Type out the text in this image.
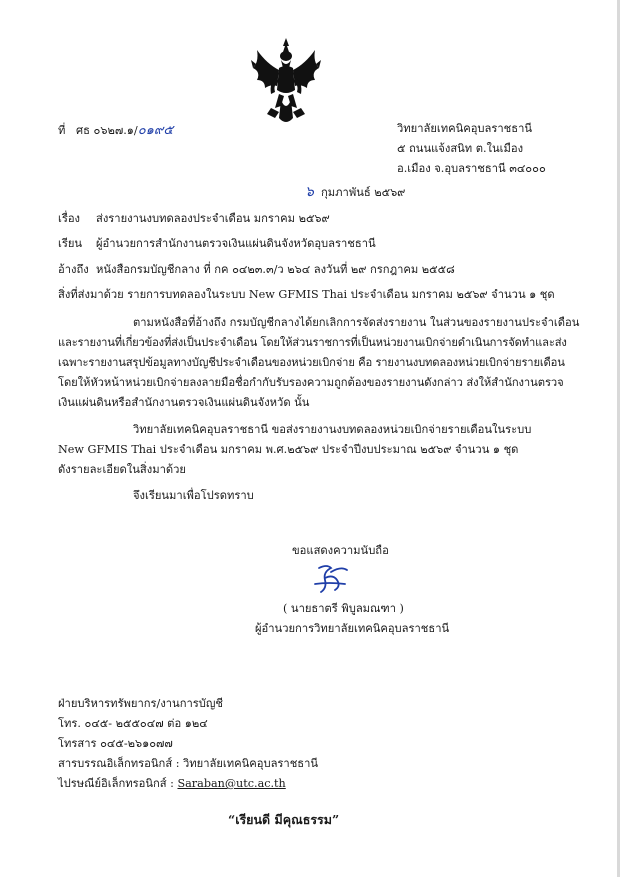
ที่ ศธ ๐๖๒๗.๑/๐๑๙๕	วิทยาลัยเทคนิคอุบลราชธานี
๕ ถนนแจ้งสนิท ต.ในเมือง
อ.เมือง จ.อุบลราชธานี ๓๔๐๐๐
๖ กุมภาพันธ์ ๒๕๖๙
เรื่อง ส่งรายงานงบทดลองประจำเดือน มกราคม ๒๕๖๙
เรียน ผู้อำนวยการสำนักงานตรวจเงินแผ่นดินจังหวัดอุบลราชธานี
อ้างถึง หนังสือกรมบัญชีกลาง ที่ กค ๐๔๒๓.๓/ว ๒๖๔ ลงวันที่ ๒๙ กรกฎาคม ๒๕๕๘
สิ่งที่ส่งมาด้วย รายการบทดลองในระบบ New GFMIS Thai ประจำเดือน มกราคม ๒๕๖๙ จำนวน ๑ ชุด
ตามหนังสือที่อ้างถึง กรมบัญชีกลางได้ยกเลิกการจัดส่งรายงาน ในส่วนของรายงานประจำเดือน
และรายงานที่เกี่ยวข้องที่ส่งเป็นประจำเดือน โดยให้ส่วนราชการที่เป็นหน่วยงานเบิกจ่ายดำเนินการจัดทำและส่ง
เฉพาะรายงานสรุปข้อมูลทางบัญชีประจำเดือนของหน่วยเบิกจ่าย คือ รายงานงบทดลองหน่วยเบิกจ่ายรายเดือน
โดยให้หัวหน้าหน่วยเบิกจ่ายลงลายมือชื่อกำกับรับรองความถูกต้องของรายงานดังกล่าว ส่งให้สำนักงานตรวจ
เงินแผ่นดินหรือสำนักงานตรวจเงินแผ่นดินจังหวัด นั้น
วิทยาลัยเทคนิคอุบลราชธานี ขอส่งรายงานงบทดลองหน่วยเบิกจ่ายรายเดือนในระบบ
New GFMIS Thai ประจำเดือน มกราคม พ.ศ.๒๕๖๙ ประจำปีงบประมาณ ๒๕๖๙ จำนวน ๑ ชุด
ดังรายละเอียดในสิ่งมาด้วย
จึงเรียนมาเพื่อโปรดทราบ
ขอแสดงความนับถือ
( นายธาตรี พิบูลมณฑา )
ผู้อำนวยการวิทยาลัยเทคนิคอุบลราชธานี
ฝ่ายบริหารทรัพยากร/งานการบัญชี
โทร. ๐๔๕- ๒๕๕๐๔๗ ต่อ ๑๒๔
โทรสาร ๐๔๕-๒๖๑๐๗๗
สารบรรณอิเล็กทรอนิกส์ : วิทยาลัยเทคนิคอุบลราชธานี
ไปรษณีย์อิเล็กทรอนิกส์ : Saraban@utc.ac.th
“เรียนดี มีคุณธรรม”
